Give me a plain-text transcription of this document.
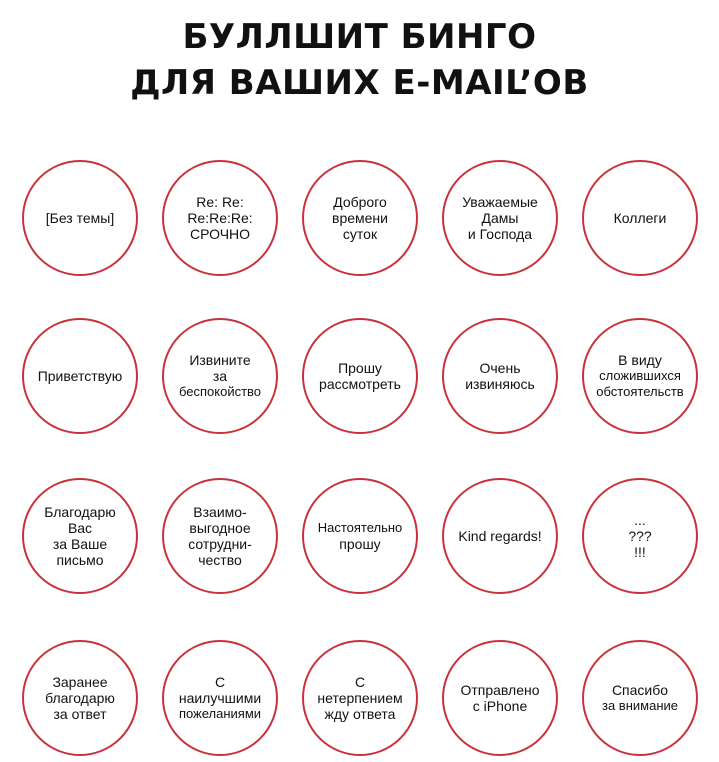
БУЛЛШИТ БИНГО
ДЛЯ ВАШИХ E-MAIL’OB
[Без темы]
Re: Re:
Re:Re:Re:
СРОЧНО
Доброго
времени
суток
Уважаемые
Дамы
и Господа
Коллеги
Приветствую
Извините
за
беспокойство
Прошу
рассмотреть
Очень
извиняюсь
В виду
сложившихся
обстоятельств
Благодарю
Вас
за Ваше
письмо
Взаимо-
выгодное
сотрудни-
чество
Настоятельно
прошу	Kind regards!
...
???
!!!
Заранее
благодарю
за ответ
С
наилучшими
пожеланиями
С
нетерпением
жду ответа
Отправлено
с iPhone
Спасибо
за внимание
